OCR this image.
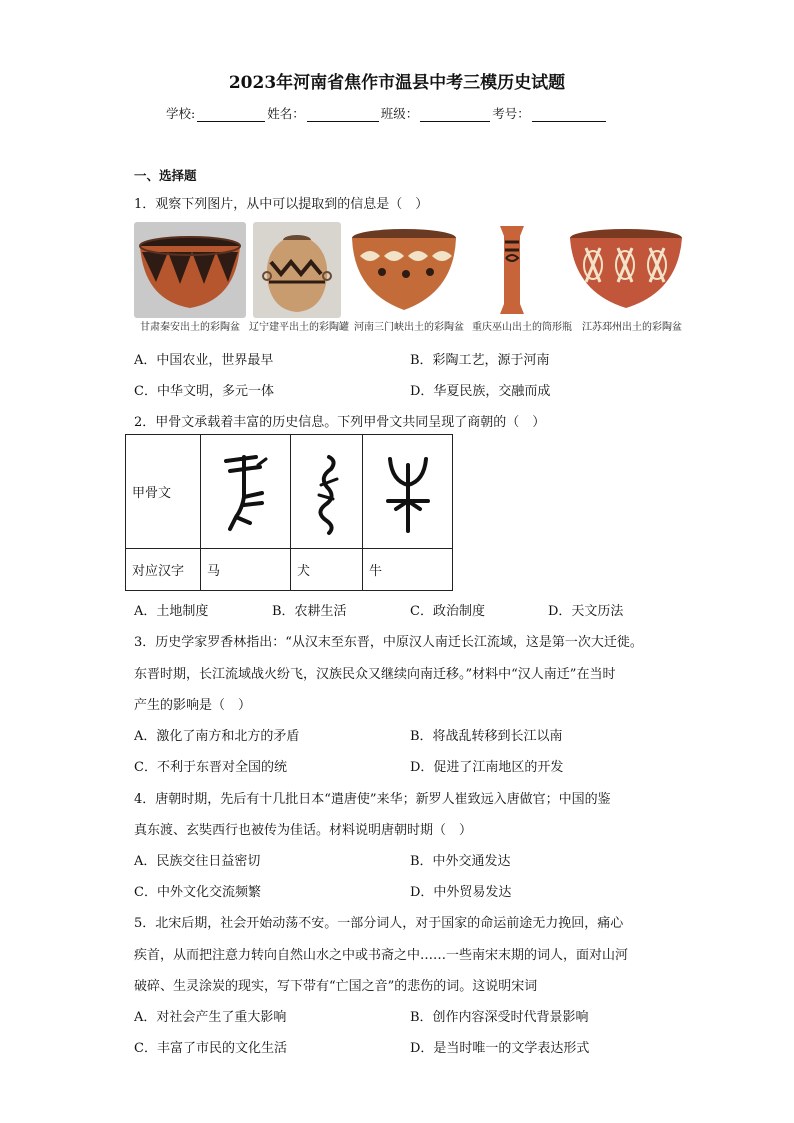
2023年河南省焦作市温县中考三模历史试题
学校:	姓名：	班级：	考号：
一、选择题
1．观察下列图片，从中可以提取到的信息是（　）
甘肃秦安出土的彩陶盆 辽宁建平出土的彩陶罐 河南三门峡出土的彩陶盆 重庆巫山出土的筒形瓶 江苏邳州出土的彩陶盆
A．中国农业，世界最早	B．彩陶工艺，源于河南
C．中华文明，多元一体	D．华夏民族，交融而成
2．甲骨文承载着丰富的历史信息。下列甲骨文共同呈现了商朝的（　）
甲骨文	

对应汉字	马	犬	牛
A．土地制度	B．农耕生活	C．政治制度	D．天文历法
3．历史学家罗香林指出：“从汉末至东晋，中原汉人南迁长江流域，这是第一次大迁徙。
东晋时期，长江流域战火纷飞，汉族民众又继续向南迁移。”材料中“汉人南迁”在当时
产生的影响是（　）
A．激化了南方和北方的矛盾	B．将战乱转移到长江以南
C．不利于东晋对全国的统	D．促进了江南地区的开发
4．唐朝时期，先后有十几批日本“遣唐使”来华；新罗人崔致远入唐做官；中国的鉴
真东渡、玄奘西行也被传为佳话。材料说明唐朝时期（　）
A．民族交往日益密切	B．中外交通发达
C．中外文化交流频繁	D．中外贸易发达
5．北宋后期，社会开始动荡不安。一部分词人，对于国家的命运前途无力挽回，痛心
疾首，从而把注意力转向自然山水之中或书斋之中……一些南宋末期的词人，面对山河
破碎、生灵涂炭的现实，写下带有“亡国之音”的悲伤的词。这说明宋词
A．对社会产生了重大影响	B．创作内容深受时代背景影响
C．丰富了市民的文化生活	D．是当时唯一的文学表达形式
